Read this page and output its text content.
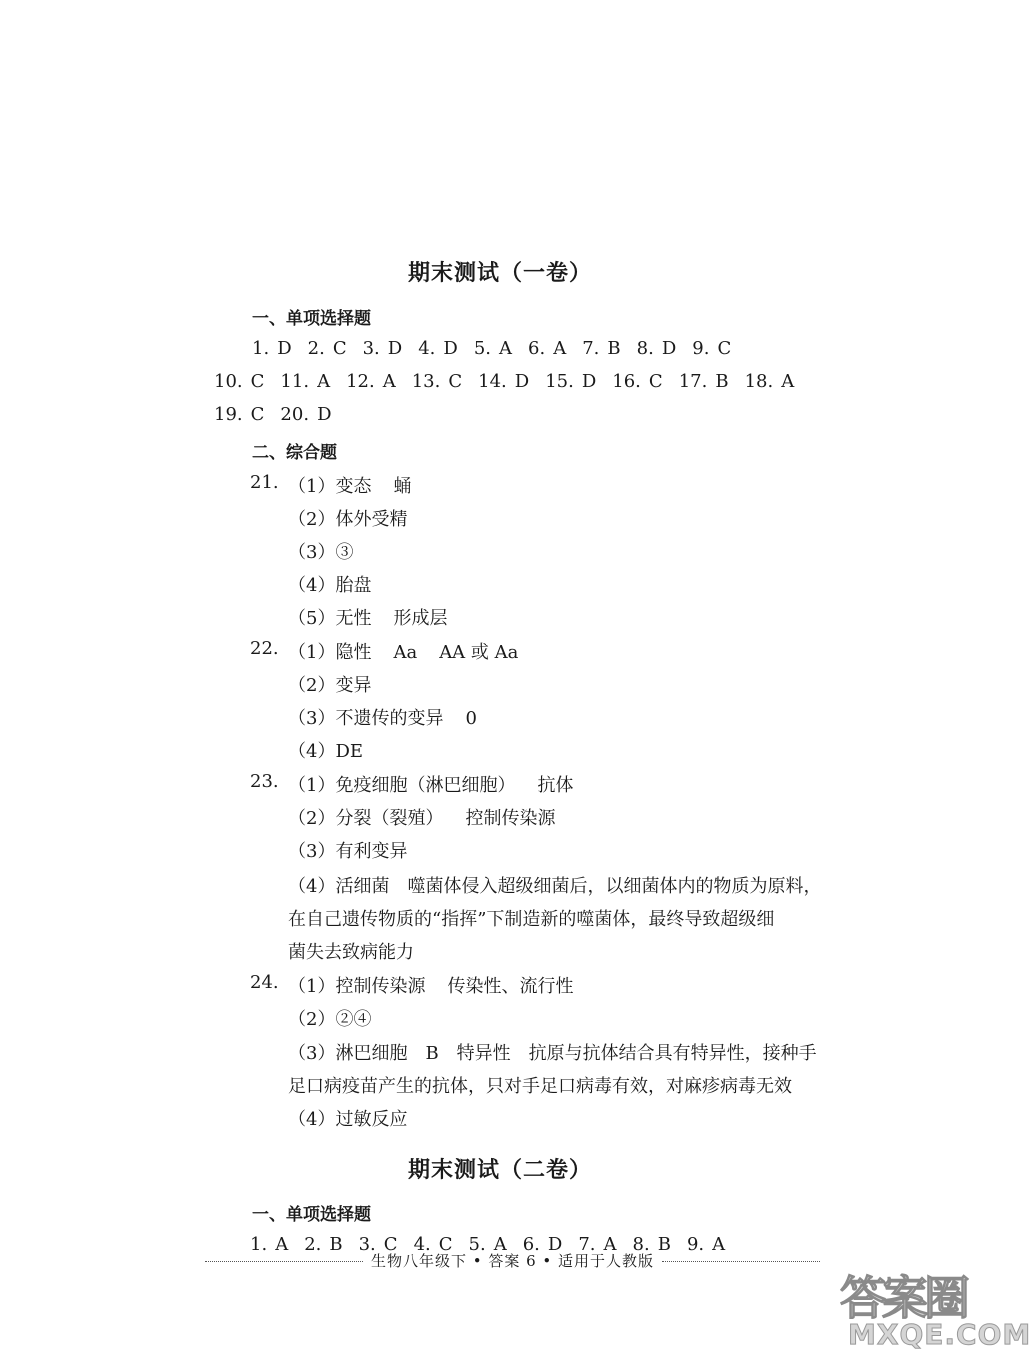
期末测试（一卷）
一、单项选择题
1. D 2. C 3. D 4. D 5. A 6. A 7. B 8. D 9. C
10. C 11. A 12. A 13. C 14. D 15. D 16. C 17. B 18. A
19. C 20. D
二、综合题
21. （1）变态 蛹
（2）体外受精
（3）③
（4）胎盘
（5）无性 形成层
22. （1）隐性 Aa AA 或 Aa
（2）变异
（3）不遗传的变异 0
（4）DE
23. （1）免疫细胞（淋巴细胞） 抗体
（2）分裂（裂殖） 控制传染源
（3）有利变异
（4）活细菌　噬菌体侵入超级细菌后，以细菌体内的物质为原料，
在自己遗传物质的“指挥”下制造新的噬菌体，最终导致超级细
菌失去致病能力
24. （1）控制传染源 传染性、流行性
（2）②④
（3）淋巴细胞　B　特异性　抗原与抗体结合具有特异性，接种手
足口病疫苗产生的抗体，只对手足口病毒有效，对麻疹病毒无效
（4）过敏反应
期末测试（二卷）
一、单项选择题
1. A 2. B 3. C 4. C 5. A 6. D 7. A 8. B 9. A
生物八年级下 • 答案 6 • 适用于人教版
答案圈
MXQE.COM
